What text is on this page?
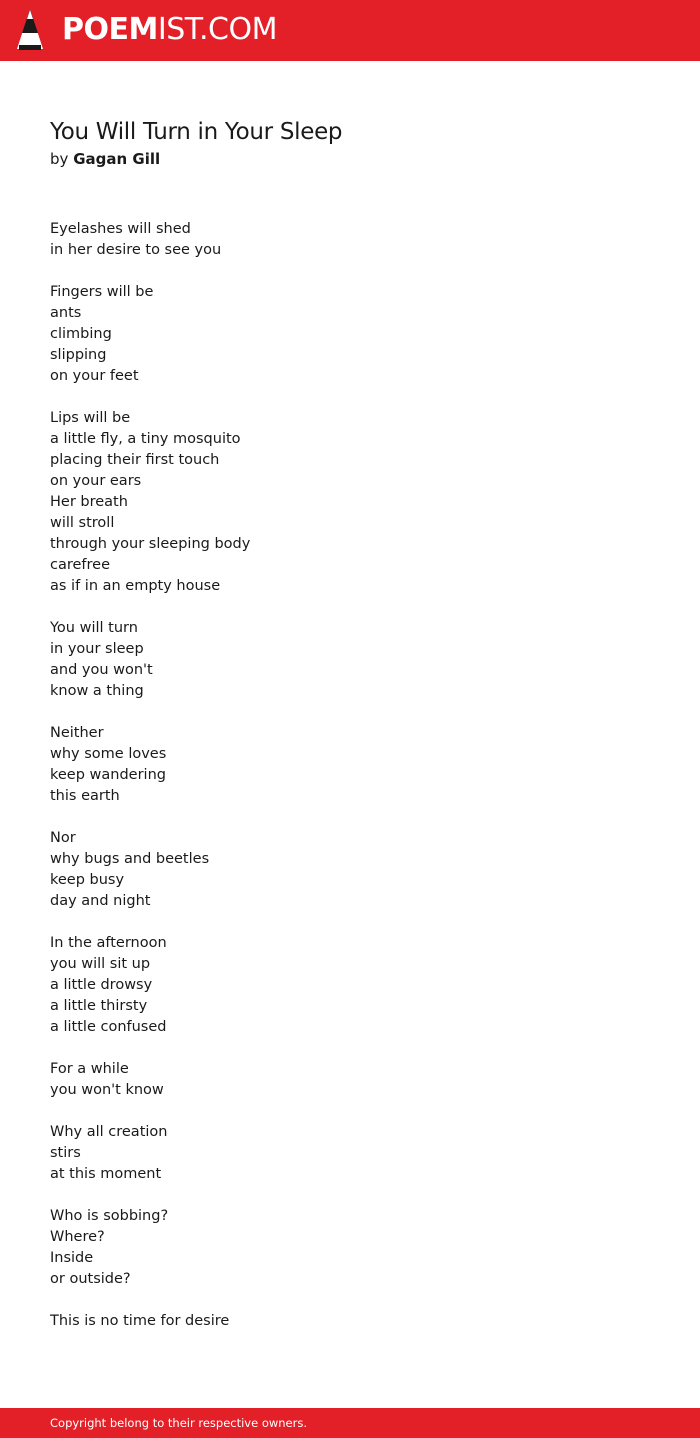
POEMIST.COM
You Will Turn in Your Sleep
by Gagan Gill
Eyelashes will shed
in her desire to see you
Fingers will be
ants
climbing
slipping
on your feet
Lips will be
a little fly, a tiny mosquito
placing their first touch
on your ears
Her breath
will stroll
through your sleeping body
carefree
as if in an empty house
You will turn
in your sleep
and you won't
know a thing
Neither
why some loves
keep wandering
this earth
Nor
why bugs and beetles
keep busy
day and night
In the afternoon
you will sit up
a little drowsy
a little thirsty
a little confused
For a while
you won't know
Why all creation
stirs
at this moment
Who is sobbing?
Where?
Inside
or outside?
This is no time for desire
Copyright belong to their respective owners.
